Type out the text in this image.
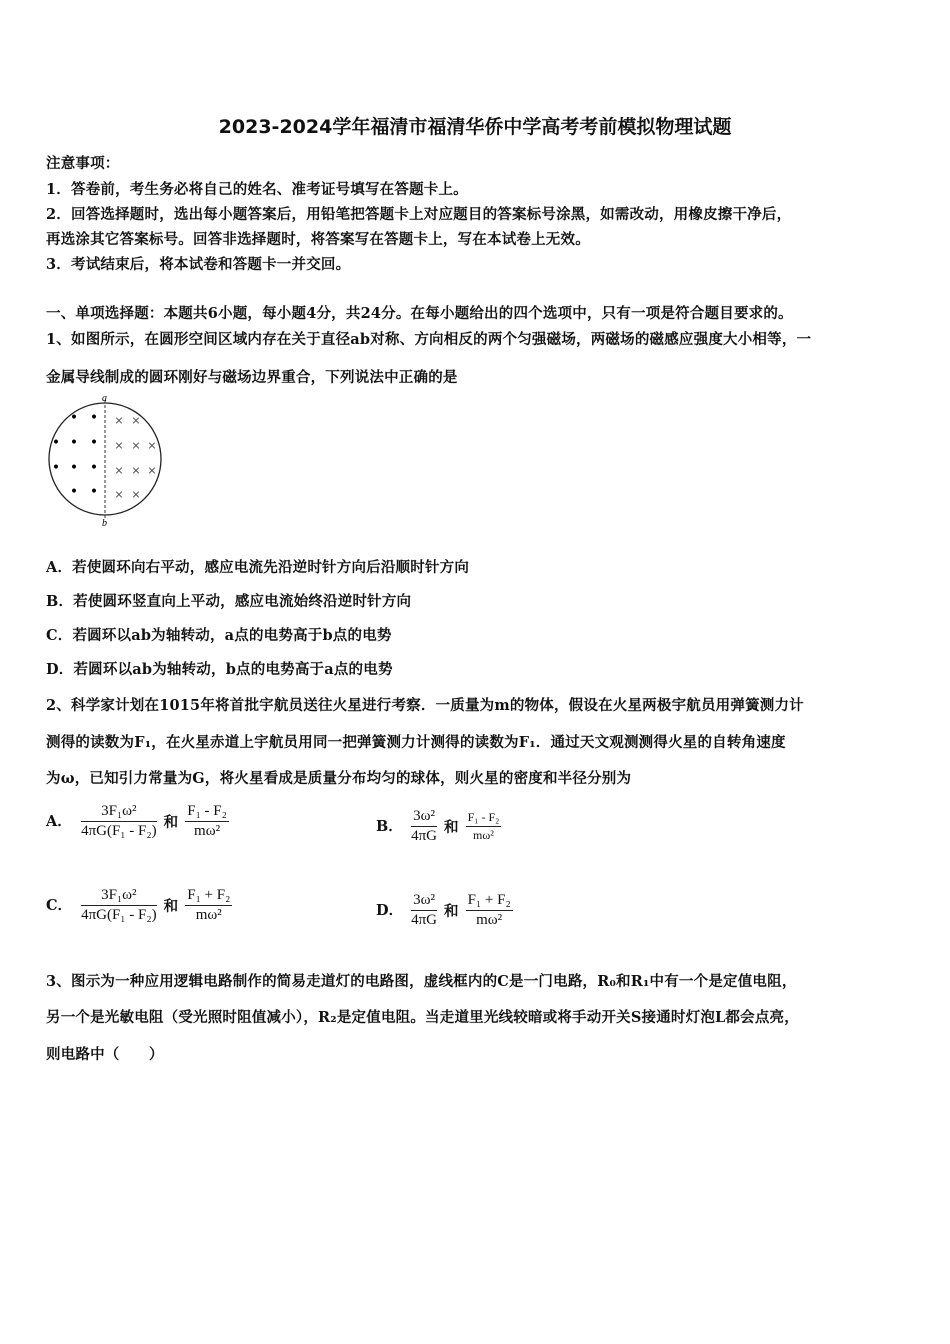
2023-2024学年福清市福清华侨中学高考考前模拟物理试题
注意事项：
1．答卷前，考生务必将自己的姓名、准考证号填写在答题卡上。
2．回答选择题时，选出每小题答案后，用铅笔把答题卡上对应题目的答案标号涂黑，如需改动，用橡皮擦干净后，
再选涂其它答案标号。回答非选择题时，将答案写在答题卡上，写在本试卷上无效。
3．考试结束后，将本试卷和答题卡一并交回。
一、单项选择题：本题共6小题，每小题4分，共24分。在每小题给出的四个选项中，只有一项是符合题目要求的。
1、如图所示，在圆形空间区域内存在关于直径ab对称、方向相反的两个匀强磁场，两磁场的磁感应强度大小相等，一
金属导线制成的圆环刚好与磁场边界重合，下列说法中正确的是
a
b
• •
• • •
• • •
• •
× ×
× × ×
× × ×
× ×
A．若使圆环向右平动，感应电流先沿逆时针方向后沿顺时针方向
B．若使圆环竖直向上平动，感应电流始终沿逆时针方向
C．若圆环以ab为轴转动，a点的电势高于b点的电势
D．若圆环以ab为轴转动，b点的电势高于a点的电势
2、科学家计划在1015年将首批宇航员送往火星进行考察．一质量为m的物体，假设在火星两极宇航员用弹簧测力计
测得的读数为F₁，在火星赤道上宇航员用同一把弹簧测力计测得的读数为F₁．通过天文观测测得火星的自转角速度
为ω，已知引力常量为G，将火星看成是质量分布均匀的球体，则火星的密度和半径分别为
A． $\frac{\text{3F₁ω²}}{\text{4πG(F₁ - F₂)}}$ 和 $\frac{\text{F₁ - F₂}}{\text{mω²}}$	B． $\frac{\text{3ω²}}{4\pi G}$ 和 $\frac{\text{F₁ - F₂}}{\text{mω²}}$
C． $\frac{\text{3F₁ω²}}{\text{4πG(F₁ - F₂)}}$ 和 $\frac{\text{F₁ + F₂}}{\text{mω²}}$	D． $\frac{\text{3ω²}}{4\pi G}$ 和 $\frac{\text{F₁ + F₂}}{\text{mω²}}$
3、图示为一种应用逻辑电路制作的简易走道灯的电路图，虚线框内的C是一门电路，R₀和R₁中有一个是定值电阻，
另一个是光敏电阻（受光照时阻值减小），R₂是定值电阻。当走道里光线较暗或将手动开关S接通时灯泡L都会点亮，
则电路中（　　）
